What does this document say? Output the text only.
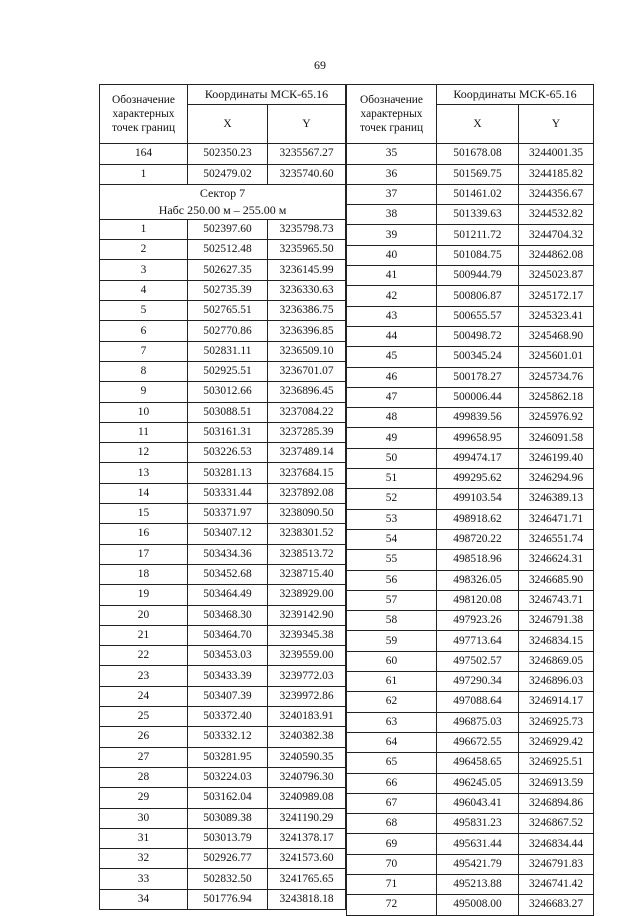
69
Обозначение
характерных точек границ	Координаты МСК-65.16	
	X	Y
164	502350.23	3235567.27
1	502479.02	3235740.60

Сектор 7
Набс 250.00 м – 255.00 м		

1	502397.60	3235798.73
2	502512.48	3235965.50
3	502627.35	3236145.99
4	502735.39	3236330.63
5	502765.51	3236386.75
6	502770.86	3236396.85
7	502831.11	3236509.10
8	502925.51	3236701.07
9	503012.66	3236896.45
10	503088.51	3237084.22
11	503161.31	3237285.39
12	503226.53	3237489.14
13	503281.13	3237684.15
14	503331.44	3237892.08
15	503371.97	3238090.50
16	503407.12	3238301.52
17	503434.36	3238513.72
18	503452.68	3238715.40
19	503464.49	3238929.00
20	503468.30	3239142.90
21	503464.70	3239345.38
22	503453.03	3239559.00
23	503433.39	3239772.03
24	503407.39	3239972.86
25	503372.40	3240183.91
26	503332.12	3240382.38
27	503281.95	3240590.35
28	503224.03	3240796.30
29	503162.04	3240989.08
30	503089.38	3241190.29
31	503013.79	3241378.17
32	502926.77	3241573.60
33	502832.50	3241765.65
34	501776.94	3243818.18
Обозначение
характерных точек границ	Координаты МСК-65.16	
	X	Y
35	501678.08	3244001.35
36	501569.75	3244185.82
37	501461.02	3244356.67
38	501339.63	3244532.82
39	501211.72	3244704.32
40	501084.75	3244862.08
41	500944.79	3245023.87
42	500806.87	3245172.17
43	500655.57	3245323.41
44	500498.72	3245468.90
45	500345.24	3245601.01
46	500178.27	3245734.76
47	500006.44	3245862.18
48	499839.56	3245976.92
49	499658.95	3246091.58
50	499474.17	3246199.40
51	499295.62	3246294.96
52	499103.54	3246389.13
53	498918.62	3246471.71
54	498720.22	3246551.74
55	498518.96	3246624.31
56	498326.05	3246685.90
57	498120.08	3246743.71
58	497923.26	3246791.38
59	497713.64	3246834.15
60	497502.57	3246869.05
61	497290.34	3246896.03
62	497088.64	3246914.17
63	496875.03	3246925.73
64	496672.55	3246929.42
65	496458.65	3246925.51
66	496245.05	3246913.59
67	496043.41	3246894.86
68	495831.23	3246867.52
69	495631.44	3246834.44
70	495421.79	3246791.83
71	495213.88	3246741.42
72	495008.00	3246683.27
